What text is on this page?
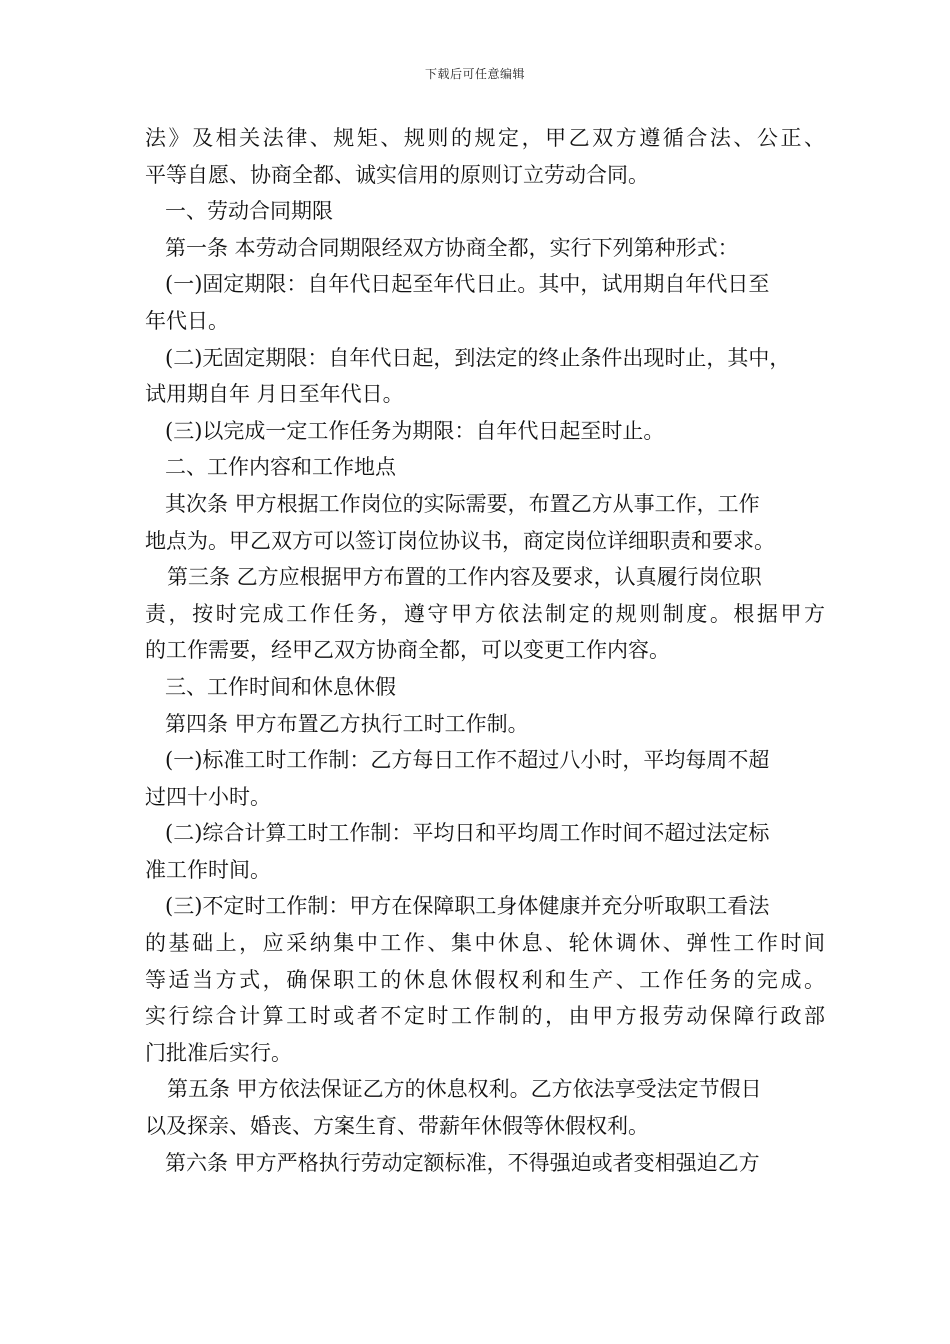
下载后可任意编辑
法》及相关法律、规矩、规则的规定，甲乙双方遵循合法、公正、
平等自愿、协商全都、诚实信用的原则订立劳动合同。
一、劳动合同期限
第一条 本劳动合同期限经双方协商全都，实行下列第种形式：
(一)固定期限：自年代日起至年代日止。其中，试用期自年代日至
年代日。
(二)无固定期限：自年代日起，到法定的终止条件出现时止，其中，
试用期自年 月日至年代日。
(三)以完成一定工作任务为期限：自年代日起至时止。
二、工作内容和工作地点
其次条 甲方根据工作岗位的实际需要，布置乙方从事工作，工作
地点为。甲乙双方可以签订岗位协议书，商定岗位详细职责和要求。
第三条 乙方应根据甲方布置的工作内容及要求，认真履行岗位职
责，按时完成工作任务，遵守甲方依法制定的规则制度。根据甲方
的工作需要，经甲乙双方协商全都，可以变更工作内容。
三、工作时间和休息休假
第四条 甲方布置乙方执行工时工作制。
(一)标准工时工作制：乙方每日工作不超过八小时，平均每周不超
过四十小时。
(二)综合计算工时工作制：平均日和平均周工作时间不超过法定标
准工作时间。
(三)不定时工作制：甲方在保障职工身体健康并充分听取职工看法
的基础上，应采纳集中工作、集中休息、轮休调休、弹性工作时间
等适当方式，确保职工的休息休假权利和生产、工作任务的完成。
实行综合计算工时或者不定时工作制的，由甲方报劳动保障行政部
门批准后实行。
第五条 甲方依法保证乙方的休息权利。乙方依法享受法定节假日
以及探亲、婚丧、方案生育、带薪年休假等休假权利。
第六条 甲方严格执行劳动定额标准，不得强迫或者变相强迫乙方
